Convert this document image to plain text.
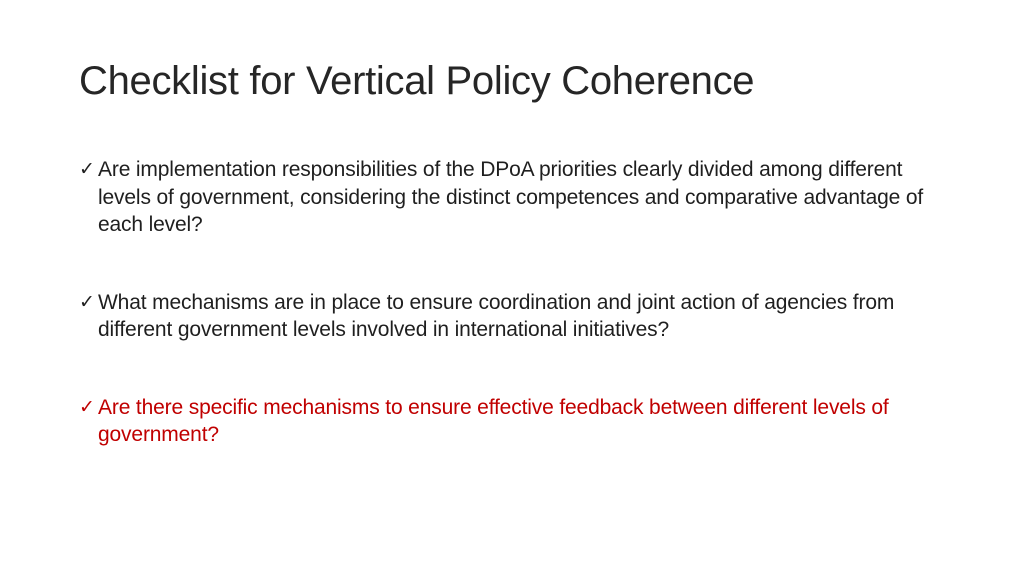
Checklist for Vertical Policy Coherence
✓ Are implementation responsibilities of the DPoA priorities clearly divided among different levels of government, considering the distinct competences and comparative advantage of each level?
✓ What mechanisms are in place to ensure coordination and joint action of agencies from different government levels involved in international initiatives?
✓ Are there specific mechanisms to ensure effective feedback between different levels of government?
